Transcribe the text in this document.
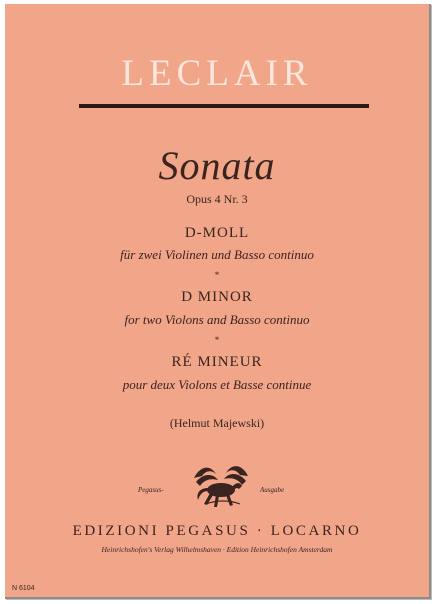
LECLAIR
Sonata
Opus 4 Nr. 3
D-MOLL
für zwei Violinen und Basso continuo
*
D MINOR
for two Violons and Basso continuo
*
RÉ MINEUR
pour deux Violons et Basse continue
(Helmut Majewski)
Pegasus-	Ausgabe
EDIZIONI PEGASUS · LOCARNO
Heinrichshofen's Verlag Wilhelmshaven · Edition Heinrichshofen Amsterdam
N 6104
